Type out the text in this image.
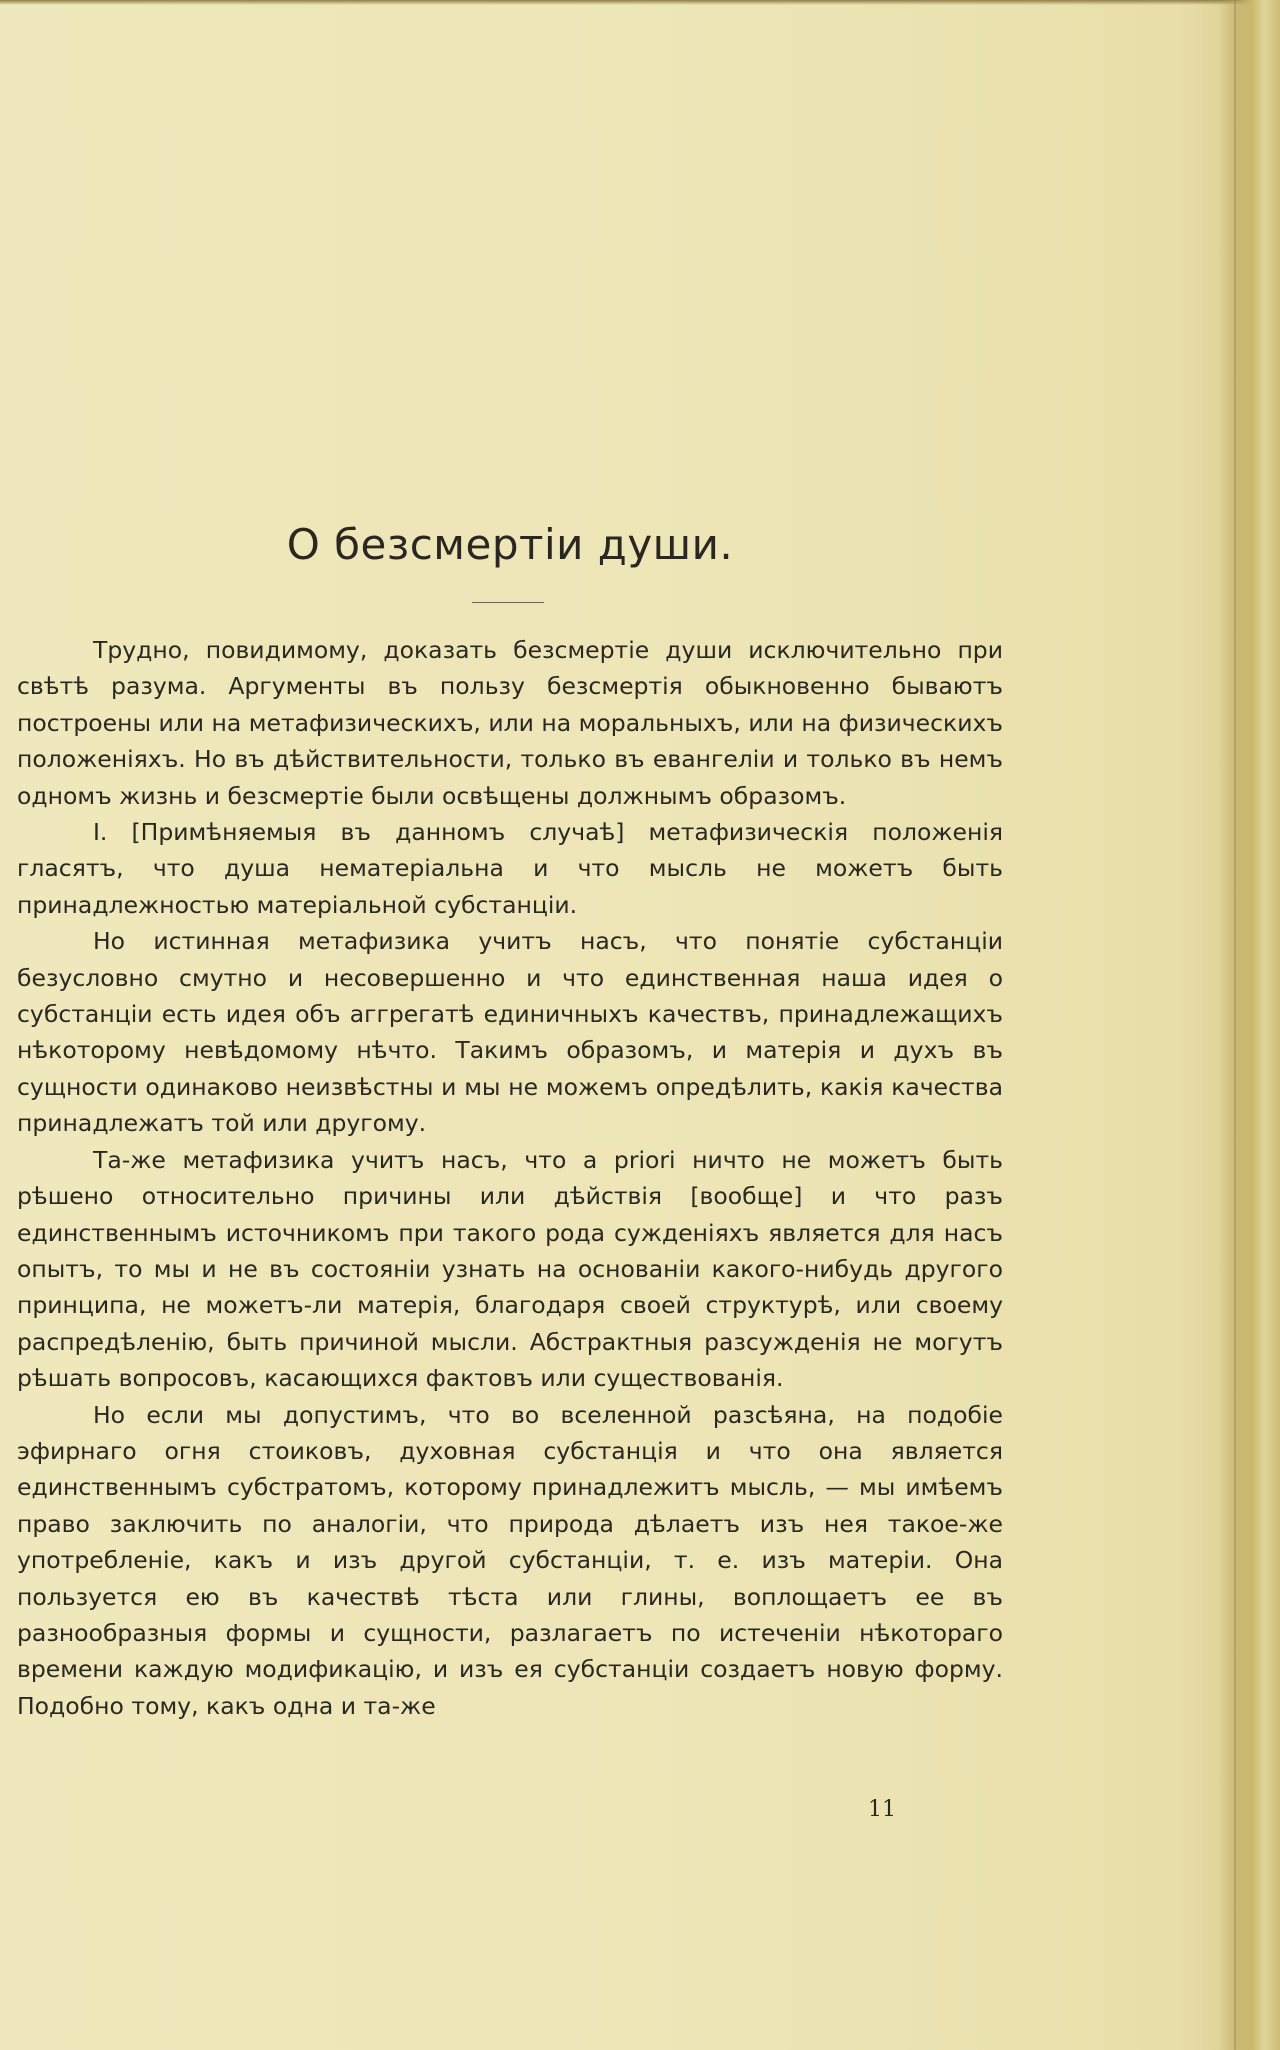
О безсмертiи души.

Трудно, повидимому, доказать безсмертiе души исключительно при свѣтѣ разума. Аргументы въ пользу безсмертiя обыкновенно бываютъ построены или на метафизическихъ, или на моральныхъ, или на физическихъ положенiяхъ. Но въ дѣйствительности, только въ евангелiи и только въ немъ одномъ жизнь и безсмертiе были освѣщены должнымъ образомъ.

I. [Примѣняемыя въ данномъ случаѣ] метафизическiя положенiя гласятъ, что душа нематерiальна и что мысль не можетъ быть принадлежностью матерiальной субстанцiи.

Но истинная метафизика учитъ насъ, что понятiе субстанцiи безусловно смутно и несовершенно и что единственная наша идея о субстанцiи есть идея объ аггрегатѣ единичныхъ качествъ, принадлежащихъ нѣкоторому невѣдомому нѣчто. Такимъ образомъ, и матерiя и духъ въ сущности одинаково неизвѣстны и мы не можемъ опредѣлить, какiя качества принадлежатъ той или другому.

Та-же метафизика учитъ насъ, что a priori ничто не можетъ быть рѣшено относительно причины или дѣйствiя [вообще] и что разъ единственнымъ источникомъ при такого рода сужденiяхъ является для насъ опытъ, то мы и не въ состоянiи узнать на основанiи какого-нибудь другого принципа, не можетъ-ли матерiя, благодаря своей структурѣ, или своему распредѣленiю, быть причиной мысли. Абстрактныя разсужденiя не могутъ рѣшать вопросовъ, касающихся фактовъ или существованiя.

Но если мы допустимъ, что во вселенной разсѣяна, на подобiе эфирнаго огня стоиковъ, духовная субстанцiя и что она является единственнымъ субстратомъ, которому принадлежитъ мысль, — мы имѣемъ право заключить по аналогiи, что природа дѣлаетъ изъ нея такое-же употребленiе, какъ и изъ другой субстанцiи, т. е. изъ матерiи. Она пользуется ею въ качествѣ тѣста или глины, воплощаетъ ее въ разнообразныя формы и сущности, разлагаетъ по истеченiи нѣкотораго времени каждую модификацiю, и изъ ея субстанцiи создаетъ новую форму. Подобно тому, какъ одна и та-же

11
